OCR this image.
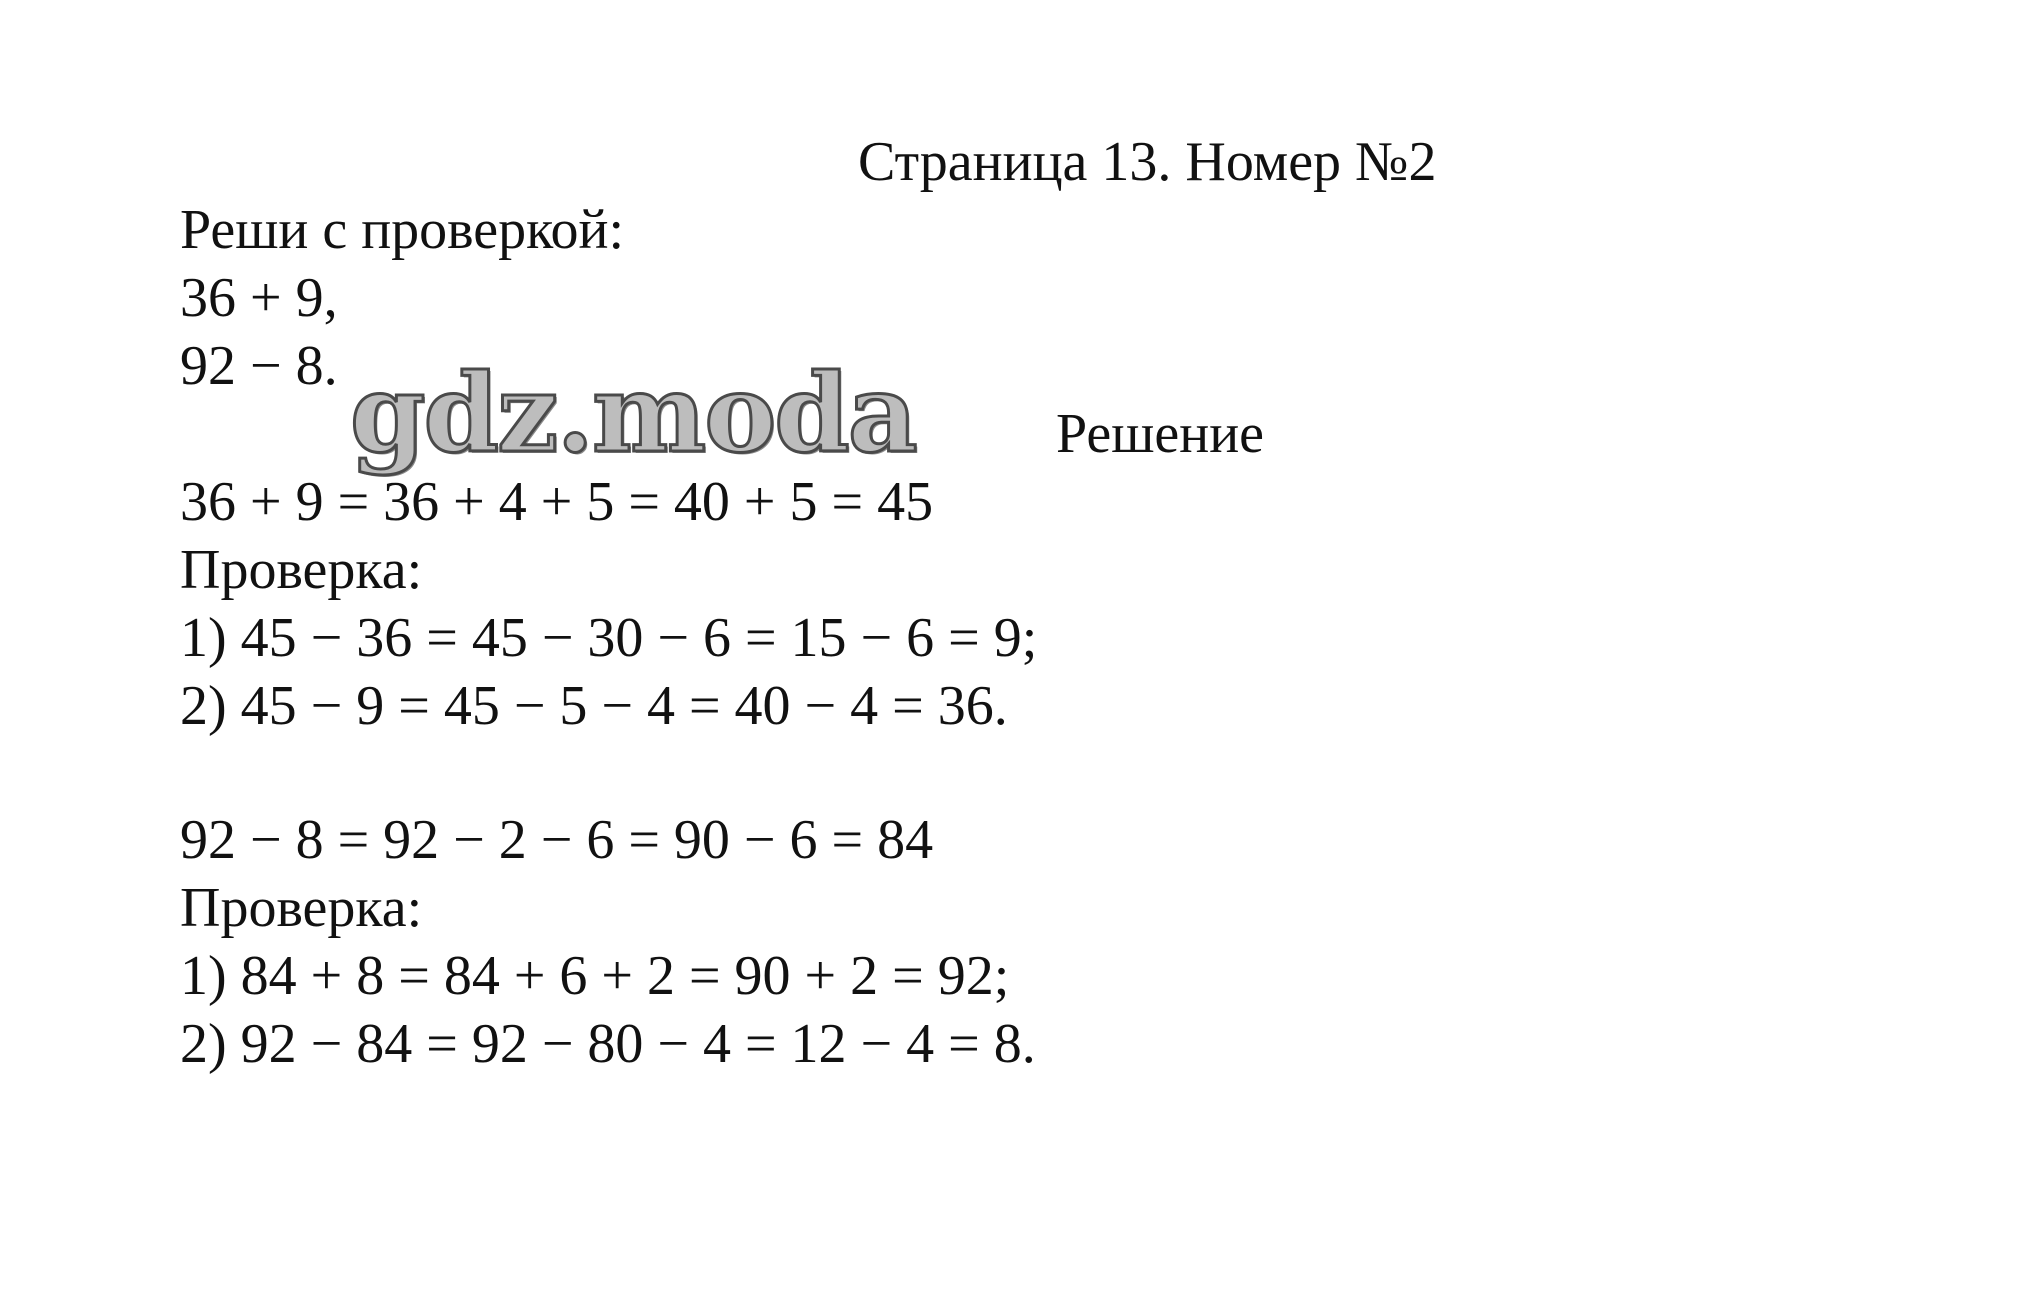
Страница 13. Номер №2
Реши с проверкой:
36 + 9,
92 − 8. gdz.moda	Решение
36 + 9 = 36 + 4 + 5 = 40 + 5 = 45
Проверка:
1) 45 − 36 = 45 − 30 − 6 = 15 − 6 = 9;
2) 45 − 9 = 45 − 5 − 4 = 40 − 4 = 36.
92 − 8 = 92 − 2 − 6 = 90 − 6 = 84
Проверка:
1) 84 + 8 = 84 + 6 + 2 = 90 + 2 = 92;
2) 92 − 84 = 92 − 80 − 4 = 12 − 4 = 8.
